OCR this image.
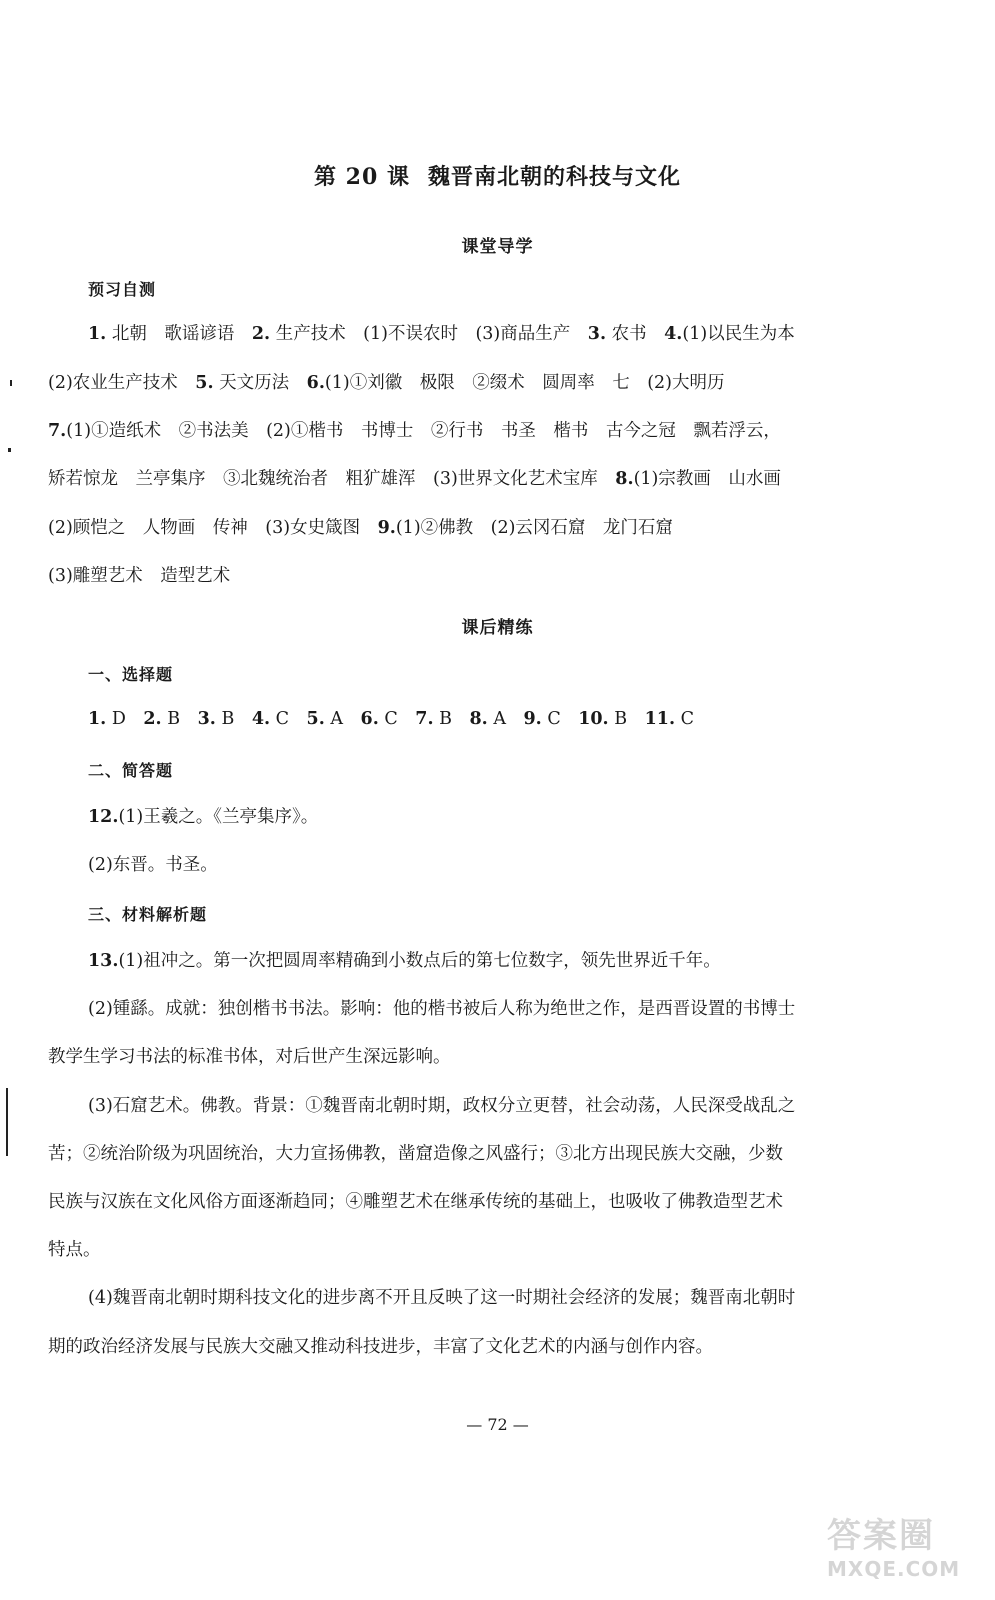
第 20 课 魏晋南北朝的科技与文化
课堂导学
预习自测
1. 北朝　歌谣谚语　2. 生产技术　(1)不误农时　(3)商品生产　3. 农书　4.(1)以民生为本
(2)农业生产技术　5. 天文历法　6.(1)①刘徽　极限　②缀术　圆周率　七　(2)大明历
7.(1)①造纸术　②书法美　(2)①楷书　书博士　②行书　书圣　楷书　古今之冠　飘若浮云，
矫若惊龙　兰亭集序　③北魏统治者　粗犷雄浑　(3)世界文化艺术宝库　8.(1)宗教画　山水画
(2)顾恺之　人物画　传神　(3)女史箴图　9.(1)②佛教　(2)云冈石窟　龙门石窟
(3)雕塑艺术　造型艺术
课后精练
一、选择题
1. D　2. B　3. B　4. C　5. A　6. C　7. B　8. A　9. C　10. B　11. C
二、简答题
12.(1)王羲之。《兰亭集序》。
(2)东晋。书圣。
三、材料解析题
13.(1)祖冲之。第一次把圆周率精确到小数点后的第七位数字，领先世界近千年。
(2)锺繇。成就：独创楷书书法。影响：他的楷书被后人称为绝世之作，是西晋设置的书博士
教学生学习书法的标准书体，对后世产生深远影响。
(3)石窟艺术。佛教。背景：①魏晋南北朝时期，政权分立更替，社会动荡，人民深受战乱之
苦；②统治阶级为巩固统治，大力宣扬佛教，凿窟造像之风盛行；③北方出现民族大交融，少数
民族与汉族在文化风俗方面逐渐趋同；④雕塑艺术在继承传统的基础上，也吸收了佛教造型艺术
特点。
(4)魏晋南北朝时期科技文化的进步离不开且反映了这一时期社会经济的发展；魏晋南北朝时
期的政治经济发展与民族大交融又推动科技进步，丰富了文化艺术的内涵与创作内容。
— 72 —
答案圈
MXQE.COM
